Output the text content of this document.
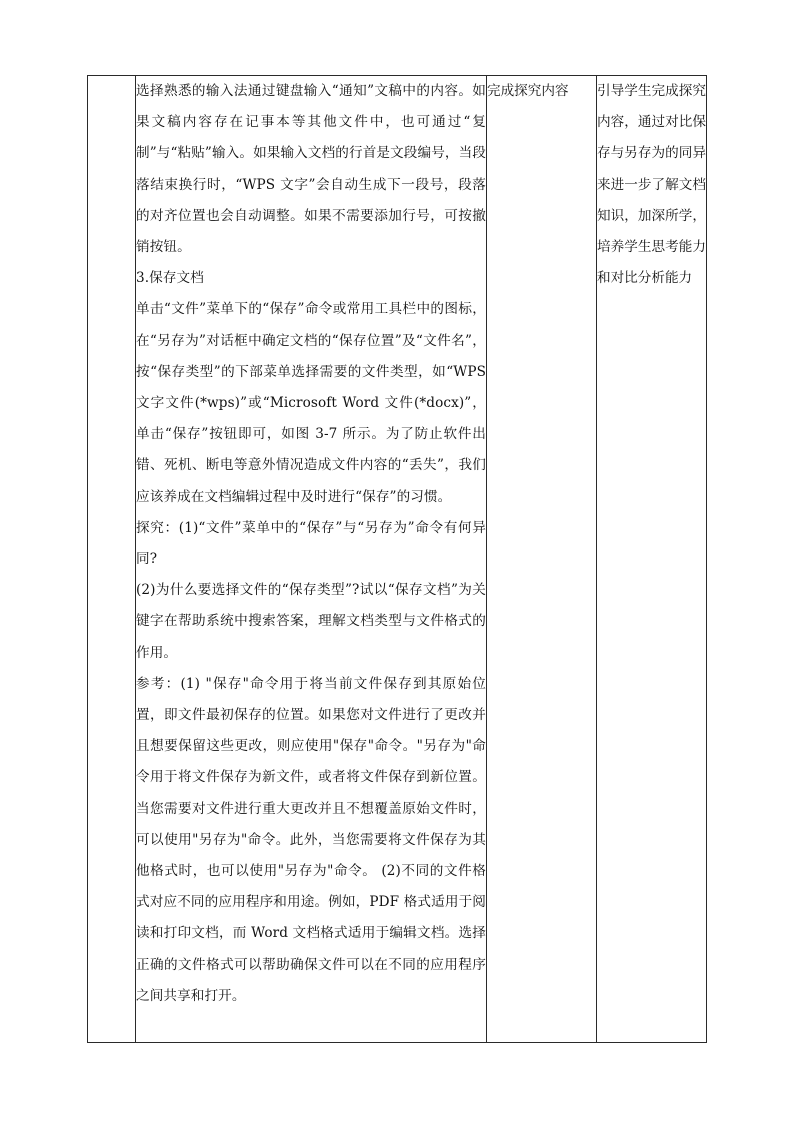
选择熟悉的输入法通过键盘输入“通知”文稿中的内容。如果文稿内容存在记事本等其他文件中，也可通过“复制”与“粘贴”输入。如果输入文档的行首是文段编号，当段落结束换行时，“WPS 文字”会自动生成下一段号，段落的对齐位置也会自动调整。如果不需要添加行号，可按撤销按钮。

3.保存文档

单击“文件”菜单下的“保存”命令或常用工具栏中的图标，在“另存为”对话框中确定文档的“保存位置”及“文件名”，按“保存类型”的下部菜单选择需要的文件类型，如“WPS 文字文件(*wps)”或“Microsoft Word 文件(*docx)”，单击“保存”按钮即可，如图 3-7 所示。为了防止软件出错、死机、断电等意外情况造成文件内容的“丢失”，我们应该养成在文档编辑过程中及时进行“保存”的习惯。

探究：(1)“文件”菜单中的“保存”与“另存为”命令有何异同?

(2)为什么要选择文件的“保存类型”?试以“保存文档”为关键字在帮助系统中搜索答案，理解文档类型与文件格式的作用。

参考：(1) "保存"命令用于将当前文件保存到其原始位置，即文件最初保存的位置。如果您对文件进行了更改并且想要保留这些更改，则应使用"保存"命令。"另存为"命令用于将文件保存为新文件，或者将文件保存到新位置。当您需要对文件进行重大更改并且不想覆盖原始文件时，可以使用"另存为"命令。此外，当您需要将文件保存为其他格式时，也可以使用"另存为"命令。 (2)不同的文件格式对应不同的应用程序和用途。例如，PDF 格式适用于阅读和打印文档，而 Word 文档格式适用于编辑文档。选择正确的文件格式可以帮助确保文件可以在不同的应用程序之间共享和打开。

完成探究内容	引导学生完成探究内容，通过对比保存与另存为的同异来进一步了解文档知识，加深所学，培养学生思考能力和对比分析能力
